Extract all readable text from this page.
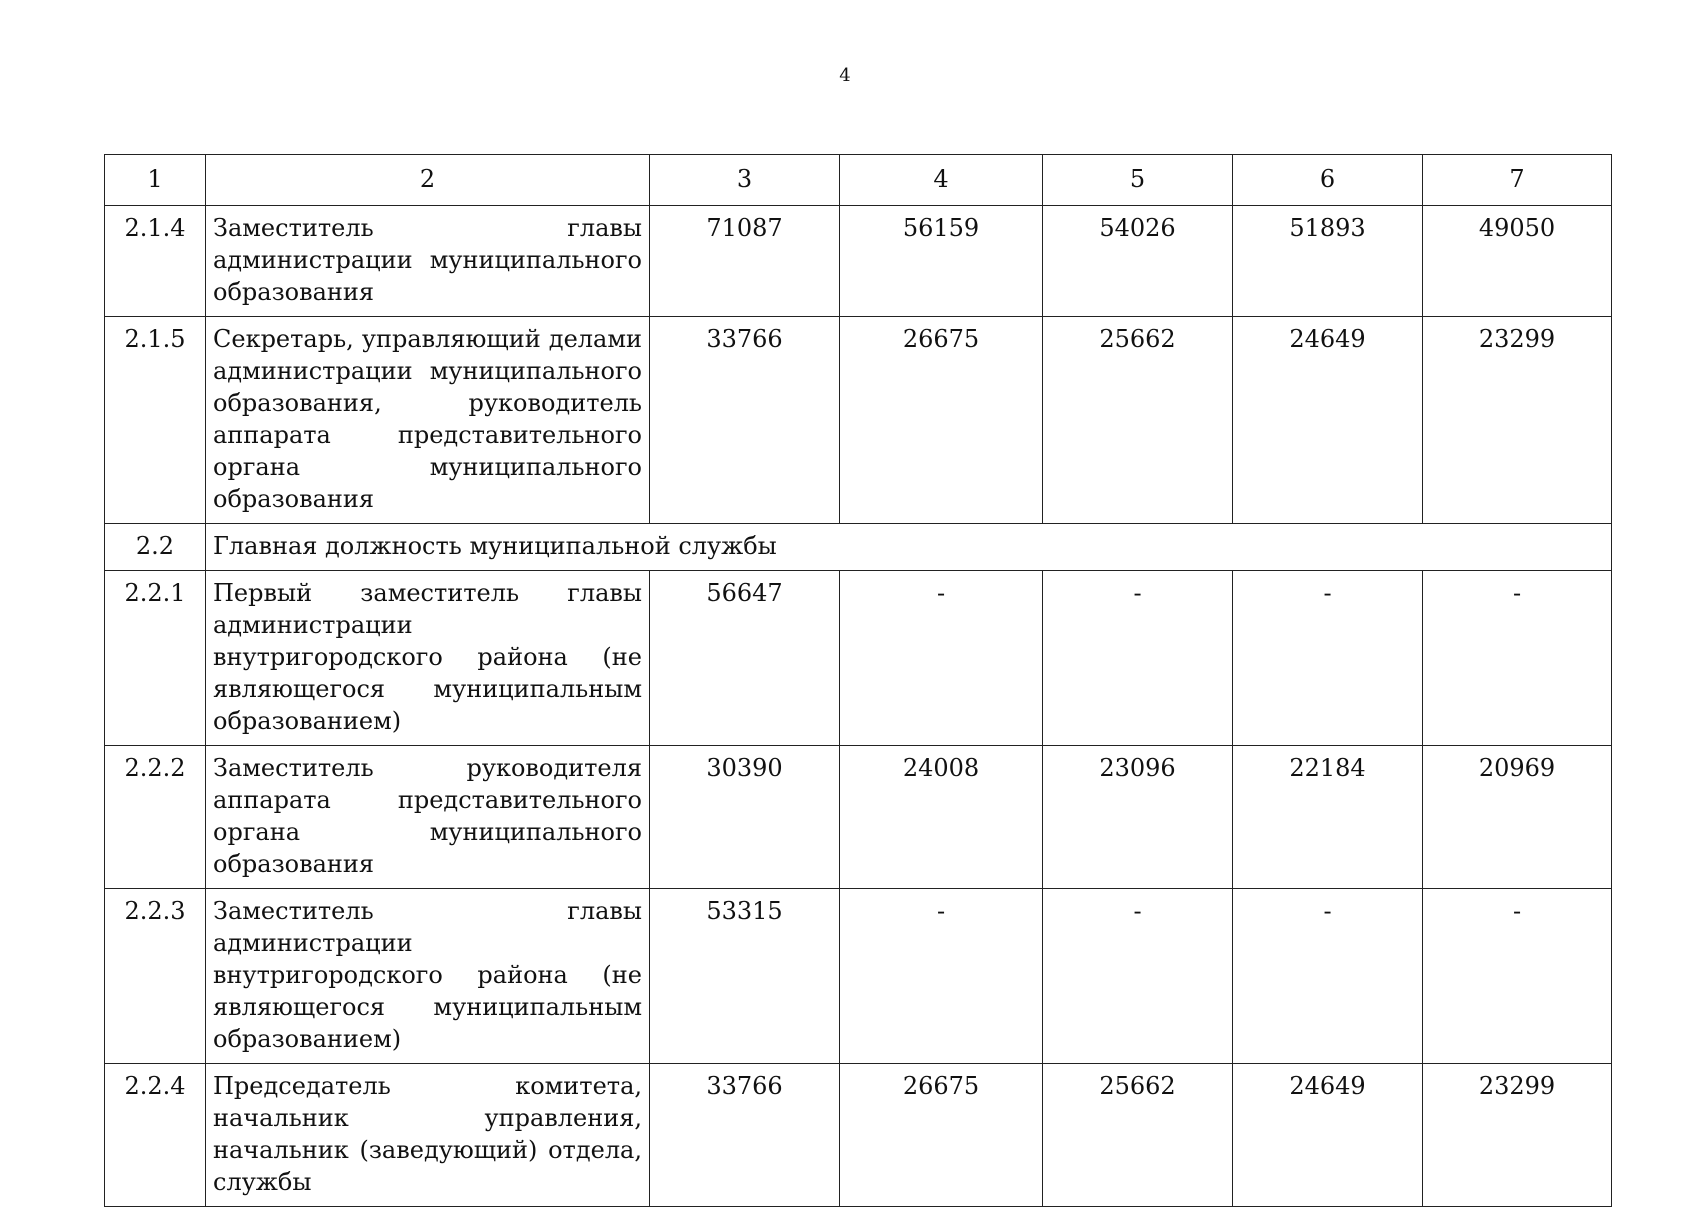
4
1	2	3	4	5	6	7
2.1.4	Заместитель главы администрации муниципального образования	71087	56159	54026	51893	49050
2.1.5	Секретарь, управляющий делами администрации муниципального образования, руководитель аппарата представительного органа муниципального образования	33766	26675	25662	24649	23299
2.2	Главная должность муниципальной службы					
2.2.1	Первый заместитель главы администрации внутригородского района (не являющегося муниципальным образованием)	56647	-	-	-	-
2.2.2	Заместитель руководителя аппарата представительного органа муниципального образования	30390	24008	23096	22184	20969
2.2.3	Заместитель главы администрации внутригородского района (не являющегося муниципальным образованием)	53315	-	-	-	-
2.2.4	Председатель комитета, начальник управления, начальник (заведующий) отдела, службы	33766	26675	25662	24649	23299
